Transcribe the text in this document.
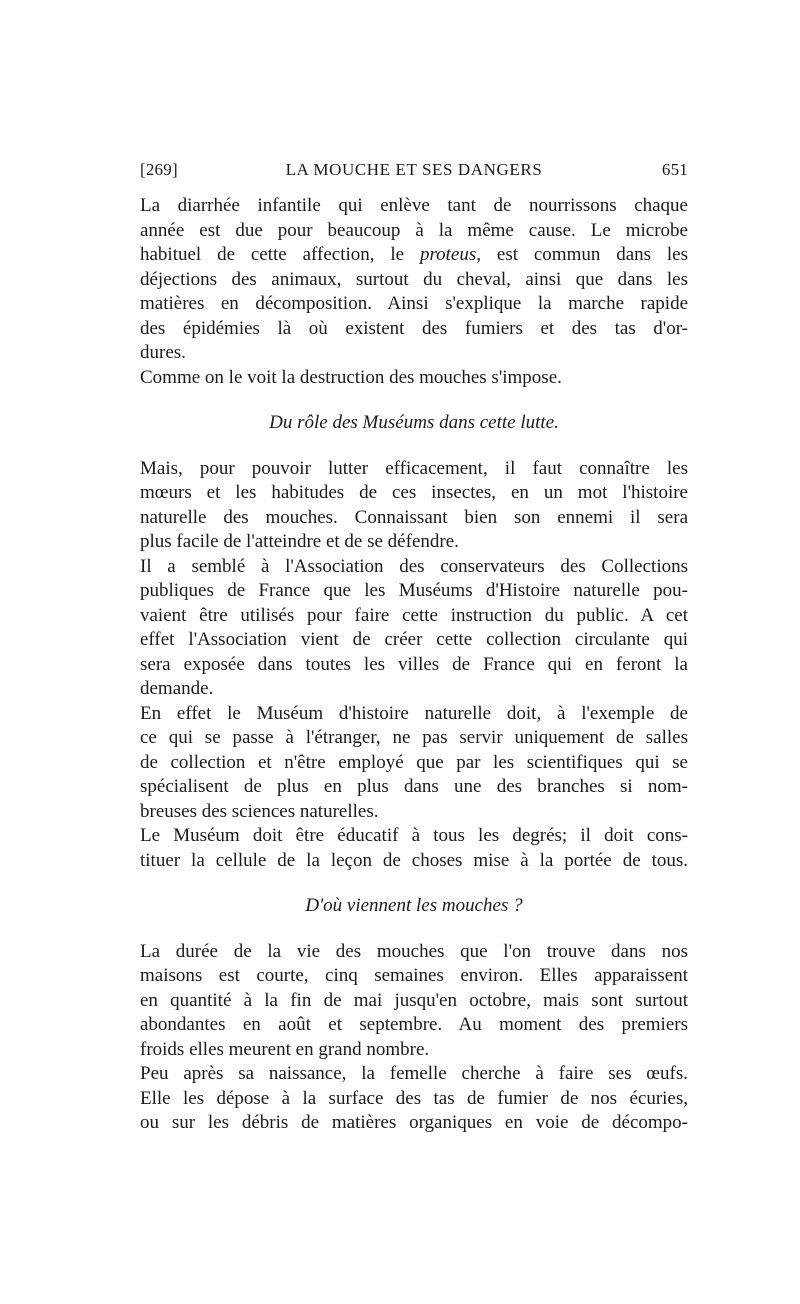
[269]	LA MOUCHE ET SES DANGERS	651
La diarrhée infantile qui enlève tant de nourrissons chaque
année est due pour beaucoup à la même cause. Le microbe
habituel de cette affection, le proteus, est commun dans les
déjections des animaux, surtout du cheval, ainsi que dans les
matières en décomposition. Ainsi s'explique la marche rapide
des épidémies là où existent des fumiers et des tas d'or-
dures.
Comme on le voit la destruction des mouches s'impose.
Du rôle des Muséums dans cette lutte.
Mais, pour pouvoir lutter efficacement, il faut connaître les
mœurs et les habitudes de ces insectes, en un mot l'histoire
naturelle des mouches. Connaissant bien son ennemi il sera
plus facile de l'atteindre et de se défendre.
Il a semblé à l'Association des conservateurs des Collections
publiques de France que les Muséums d'Histoire naturelle pou-
vaient être utilisés pour faire cette instruction du public. A cet
effet l'Association vient de créer cette collection circulante qui
sera exposée dans toutes les villes de France qui en feront la
demande.
En effet le Muséum d'histoire naturelle doit, à l'exemple de
ce qui se passe à l'étranger, ne pas servir uniquement de salles
de collection et n'être employé que par les scientifiques qui se
spécialisent de plus en plus dans une des branches si nom-
breuses des sciences naturelles.
Le Muséum doit être éducatif à tous les degrés; il doit cons-
tituer la cellule de la leçon de choses mise à la portée de tous.
D'où viennent les mouches ?
La durée de la vie des mouches que l'on trouve dans nos
maisons est courte, cinq semaines environ. Elles apparaissent
en quantité à la fin de mai jusqu'en octobre, mais sont surtout
abondantes en août et septembre. Au moment des premiers
froids elles meurent en grand nombre.
Peu après sa naissance, la femelle cherche à faire ses œufs.
Elle les dépose à la surface des tas de fumier de nos écuries,
ou sur les débris de matières organiques en voie de décompo-
